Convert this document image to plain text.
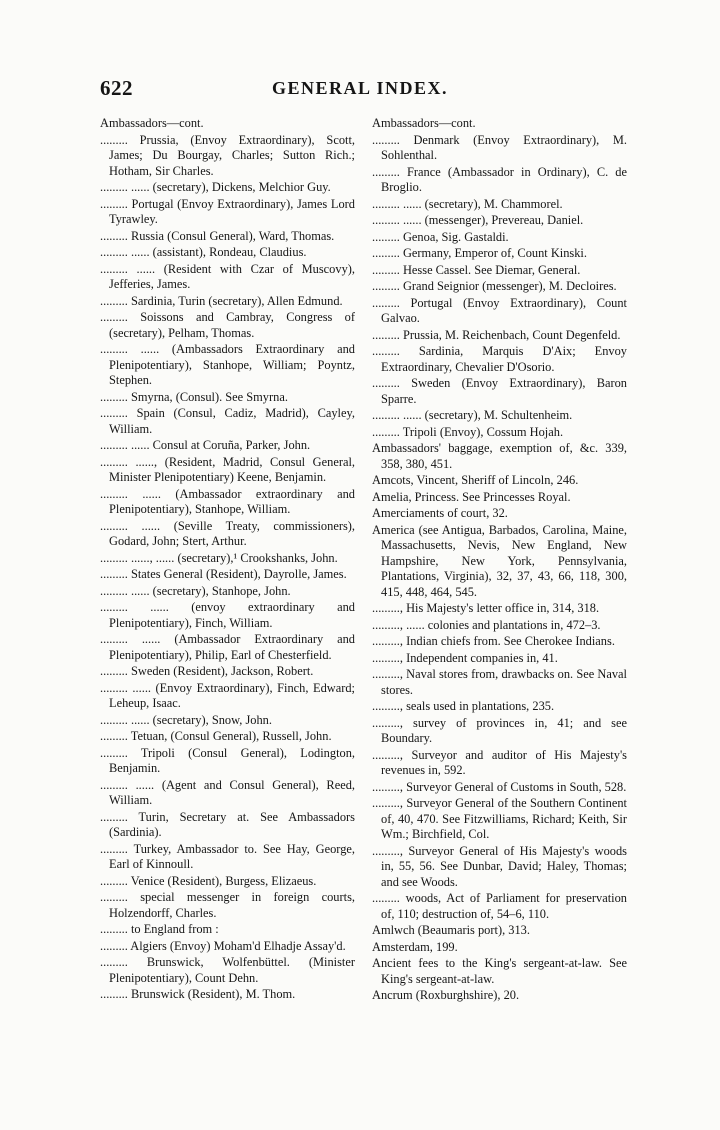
622	GENERAL INDEX.
Ambassadors—cont.
......... Prussia, (Envoy Extraordinary), Scott, James; Du Bourgay, Charles; Sutton Rich.; Hotham, Sir Charles.
......... ...... (secretary), Dickens, Melchior Guy.
......... Portugal (Envoy Extraordinary), James Lord Tyrawley.
......... Russia (Consul General), Ward, Thomas.
......... ...... (assistant), Rondeau, Claudius.
......... ...... (Resident with Czar of Muscovy), Jefferies, James.
......... Sardinia, Turin (secretary), Allen Edmund.
......... Soissons and Cambray, Congress of (secretary), Pelham, Thomas.
......... ...... (Ambassadors Extraordinary and Plenipotentiary), Stanhope, William; Poyntz, Stephen.
......... Smyrna, (Consul). See Smyrna.
......... Spain (Consul, Cadiz, Madrid), Cayley, William.
......... ...... Consul at Coruña, Parker, John.
......... ......, (Resident, Madrid, Consul General, Minister Plenipotentiary) Keene, Benjamin.
......... ...... (Ambassador extraordinary and Plenipotentiary), Stanhope, William.
......... ...... (Seville Treaty, commissioners), Godard, John; Stert, Arthur.
......... ......, ...... (secretary),¹ Crookshanks, John.
......... States General (Resident), Dayrolle, James.
......... ...... (secretary), Stanhope, John.
......... ...... (envoy extraordinary and Plenipotentiary), Finch, William.
......... ...... (Ambassador Extraordinary and Plenipotentiary), Philip, Earl of Chesterfield.
......... Sweden (Resident), Jackson, Robert.
......... ...... (Envoy Extraordinary), Finch, Edward; Leheup, Isaac.
......... ...... (secretary), Snow, John.
......... Tetuan, (Consul General), Russell, John.
......... Tripoli (Consul General), Lodington, Benjamin.
......... ...... (Agent and Consul General), Reed, William.
......... Turin, Secretary at. See Ambassadors (Sardinia).
......... Turkey, Ambassador to. See Hay, George, Earl of Kinnoull.
......... Venice (Resident), Burgess, Elizaeus.
......... special messenger in foreign courts, Holzendorff, Charles.
......... to England from :
......... Algiers (Envoy) Moham'd Elhadje Assay'd.
......... Brunswick, Wolfenbüttel. (Minister Plenipotentiary), Count Dehn.
......... Brunswick (Resident), M. Thom.
Ambassadors—cont.
......... Denmark (Envoy Extraordinary), M. Sohlenthal.
......... France (Ambassador in Ordinary), C. de Broglio.
......... ...... (secretary), M. Chammorel.
......... ...... (messenger), Prevereau, Daniel.
......... Genoa, Sig. Gastaldi.
......... Germany, Emperor of, Count Kinski.
......... Hesse Cassel. See Diemar, General.
......... Grand Seignior (messenger), M. Decloires.
......... Portugal (Envoy Extraordinary), Count Galvao.
......... Prussia, M. Reichenbach, Count Degenfeld.
......... Sardinia, Marquis D'Aix; Envoy Extraordinary, Chevalier D'Osorio.
......... Sweden (Envoy Extraordinary), Baron Sparre.
......... ...... (secretary), M. Schultenheim.
......... Tripoli (Envoy), Cossum Hojah.
Ambassadors' baggage, exemption of, &c. 339, 358, 380, 451.
Amcots, Vincent, Sheriff of Lincoln, 246.
Amelia, Princess. See Princesses Royal.
Amerciaments of court, 32.
America (see Antigua, Barbados, Carolina, Maine, Massachusetts, Nevis, New England, New Hampshire, New York, Pennsylvania, Plantations, Virginia), 32, 37, 43, 66, 118, 300, 415, 448, 464, 545.
........., His Majesty's letter office in, 314, 318.
........., ...... colonies and plantations in, 472–3.
........., Indian chiefs from. See Cherokee Indians.
........., Independent companies in, 41.
........., Naval stores from, drawbacks on. See Naval stores.
........., seals used in plantations, 235.
........., survey of provinces in, 41; and see Boundary.
........., Surveyor and auditor of His Majesty's revenues in, 592.
........., Surveyor General of Customs in South, 528.
........., Surveyor General of the Southern Continent of, 40, 470. See Fitzwilliams, Richard; Keith, Sir Wm.; Birchfield, Col.
........., Surveyor General of His Majesty's woods in, 55, 56. See Dunbar, David; Haley, Thomas; and see Woods.
......... woods, Act of Parliament for preservation of, 110; destruction of, 54–6, 110.
Amlwch (Beaumaris port), 313.
Amsterdam, 199.
Ancient fees to the King's sergeant-at-law. See King's sergeant-at-law.
Ancrum (Roxburghshire), 20.
